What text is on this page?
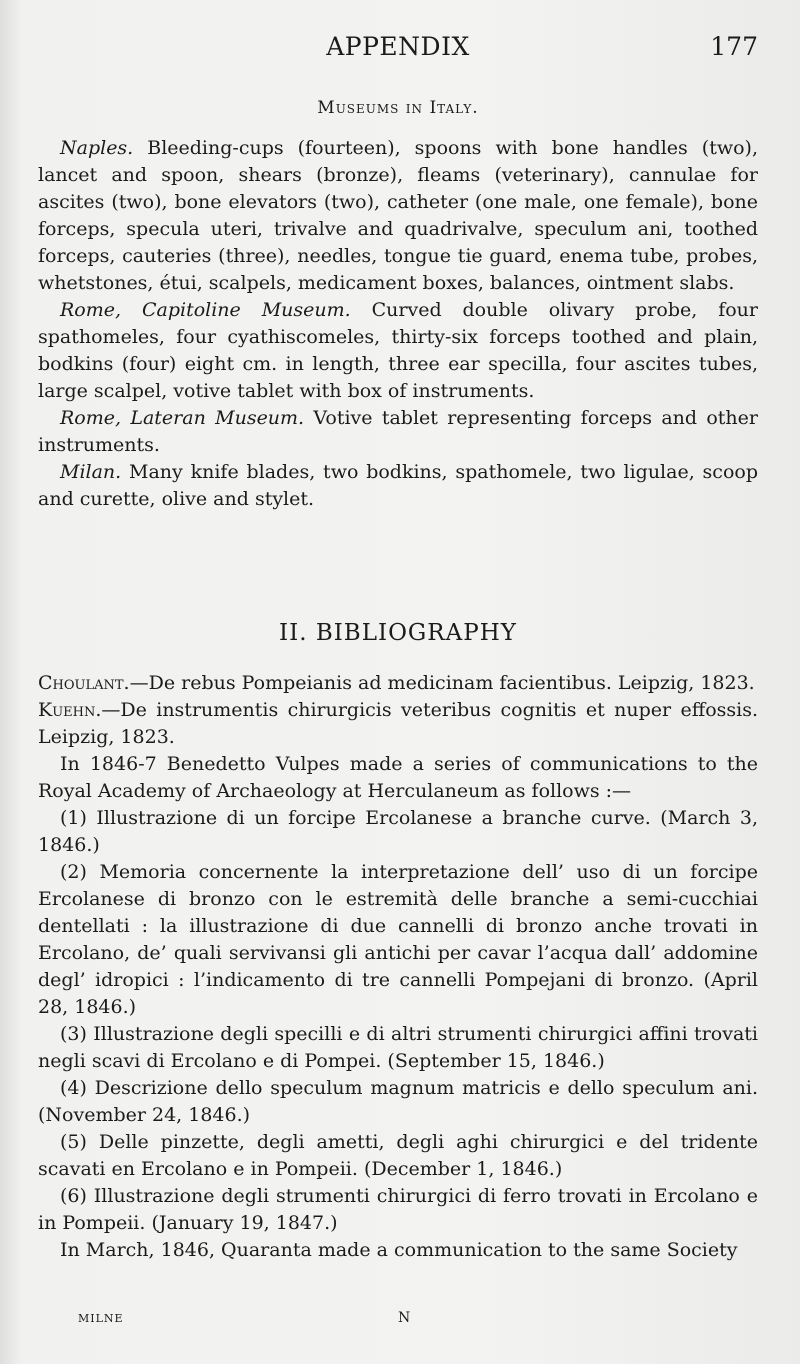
APPENDIX	177
Museums in Italy.

Naples. Bleeding-cups (fourteen), spoons with bone handles (two), lancet and spoon, shears (bronze), fleams (veterinary), cannulae for ascites (two), bone elevators (two), catheter (one male, one female), bone forceps, specula uteri, trivalve and quadrivalve, speculum ani, toothed forceps, cauteries (three), needles, tongue tie guard, enema tube, probes, whetstones, étui, scalpels, medicament boxes, balances, ointment slabs.

Rome, Capitoline Museum. Curved double olivary probe, four spathomeles, four cyathiscomeles, thirty-six forceps toothed and plain, bodkins (four) eight cm. in length, three ear specilla, four ascites tubes, large scalpel, votive tablet with box of instruments.

Rome, Lateran Museum. Votive tablet representing forceps and other instruments.

Milan. Many knife blades, two bodkins, spathomele, two ligulae, scoop and curette, olive and stylet.

II. BIBLIOGRAPHY

Choulant.—De rebus Pompeianis ad medicinam facientibus. Leipzig, 1823.

Kuehn.—De instrumentis chirurgicis veteribus cognitis et nuper effossis. Leipzig, 1823.

In 1846-7 Benedetto Vulpes made a series of communications to the Royal Academy of Archaeology at Herculaneum as follows :—

(1) Illustrazione di un forcipe Ercolanese a branche curve. (March 3, 1846.)

(2) Memoria concernente la interpretazione dell’ uso di un forcipe Ercolanese di bronzo con le estremità delle branche a semi-cucchiai dentellati : la illustrazione di due cannelli di bronzo anche trovati in Ercolano, de’ quali servivansi gli antichi per cavar l’acqua dall’ addomine degl’ idropici : l’indicamento di tre cannelli Pompejani di bronzo. (April 28, 1846.)

(3) Illustrazione degli specilli e di altri strumenti chirurgici affini trovati negli scavi di Ercolano e di Pompei. (September 15, 1846.)

(4) Descrizione dello speculum magnum matricis e dello speculum ani. (November 24, 1846.)

(5) Delle pinzette, degli ametti, degli aghi chirurgici e del tridente scavati en Ercolano e in Pompeii. (December 1, 1846.)

(6) Illustrazione degli strumenti chirurgici di ferro trovati in Ercolano e in Pompeii. (January 19, 1847.)

In March, 1846, Quaranta made a communication to the same Society

MILNE	N
